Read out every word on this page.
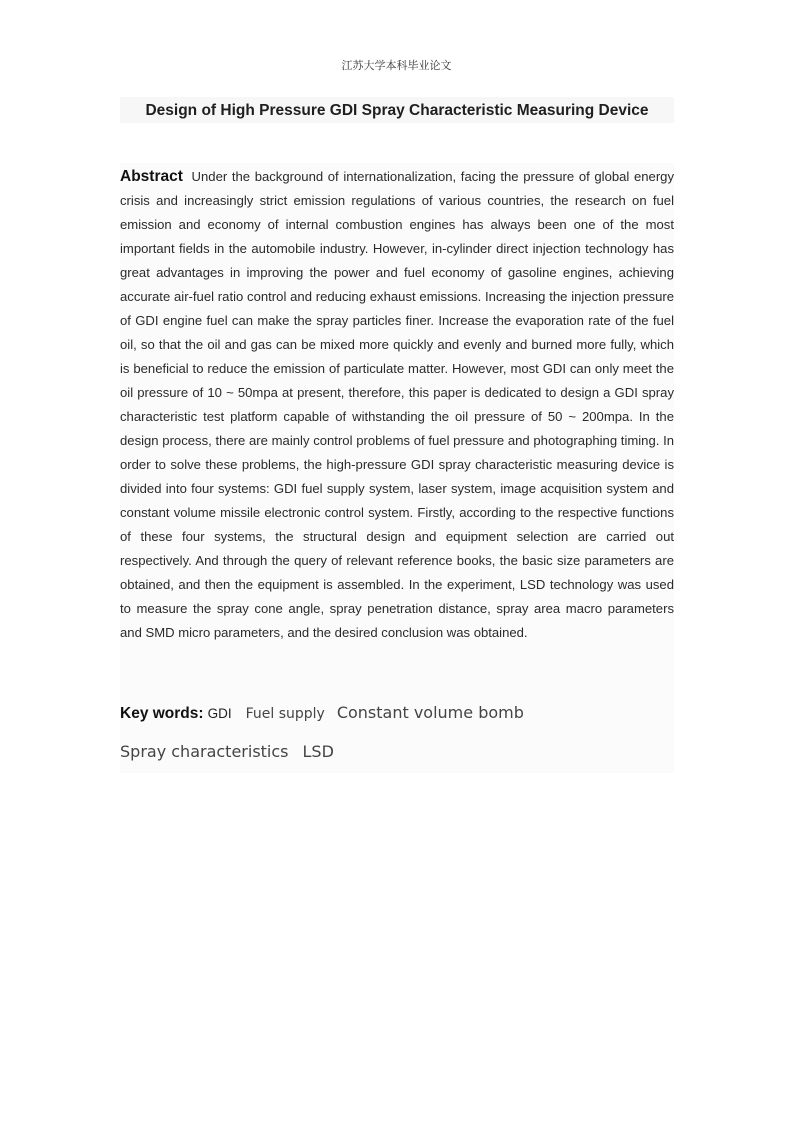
江苏大学本科毕业论文
Design of High Pressure GDI Spray Characteristic Measuring Device

Abstract Under the background of internationalization, facing the pressure of global energy crisis and increasingly strict emission regulations of various countries, the research on fuel emission and economy of internal combustion engines has always been one of the most important fields in the automobile industry. However, in-cylinder direct injection technology has great advantages in improving the power and fuel economy of gasoline engines, achieving accurate air-fuel ratio control and reducing exhaust emissions. Increasing the injection pressure of GDI engine fuel can make the spray particles finer. Increase the evaporation rate of the fuel oil, so that the oil and gas can be mixed more quickly and evenly and burned more fully, which is beneficial to reduce the emission of particulate matter. However, most GDI can only meet the oil pressure of 10 ~ 50mpa at present, therefore, this paper is dedicated to design a GDI spray characteristic test platform capable of withstanding the oil pressure of 50 ~ 200mpa. In the design process, there are mainly control problems of fuel pressure and photographing timing. In order to solve these problems, the high-pressure GDI spray characteristic measuring device is divided into four systems: GDI fuel supply system, laser system, image acquisition system and constant volume missile electronic control system. Firstly, according to the respective functions of these four systems, the structural design and equipment selection are carried out respectively. And through the query of relevant reference books, the basic size parameters are obtained, and then the equipment is assembled. In the experiment, LSD technology was used to measure the spray cone angle, spray penetration distance, spray area macro parameters and SMD micro parameters, and the desired conclusion was obtained.

Key words: GDI Fuel supply Constant volume bomb
Spray characteristics LSD
